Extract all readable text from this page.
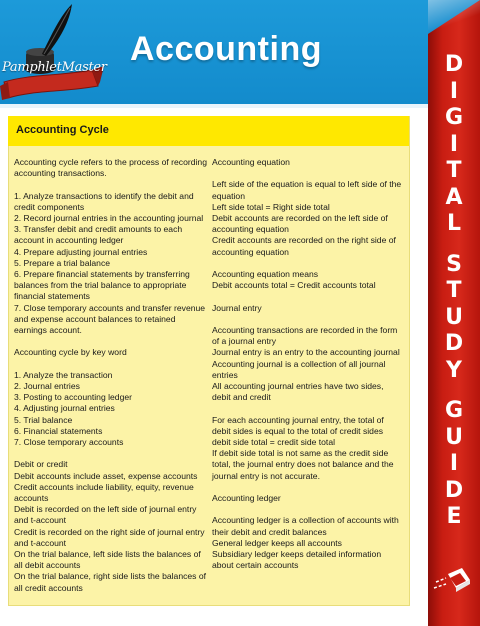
PamphletMaster Accounting	D
I
G
I
T
A
L
S
T
U
D
Y
G
U
I
D
E
Accounting Cycle

Accounting cycle refers to the process of recording accounting transactions.

1. Analyze transactions to identify the debit and credit components

2. Record journal entries in the accounting journal

3. Transfer debit and credit amounts to each account in accounting ledger

4. Prepare adjusting journal entries

5. Prepare a trial balance

6. Prepare financial statements by transferring balances from the trial balance to appropriate financial statements

7. Close temporary accounts and transfer revenue and expense account balances to retained earnings account.

Accounting cycle by key word

1. Analyze the transaction

2. Journal entries

3. Posting to accounting ledger

4. Adjusting journal entries

5. Trial balance

6. Financial statements

7. Close temporary accounts

Debit or credit

Debit accounts include asset, expense accounts

Credit accounts include liability, equity, revenue accounts

Debit is recorded on the left side of journal entry and t-account

Credit is recorded on the right side of journal entry and t-account

On the trial balance, left side lists the balances of all debit accounts

On the trial balance, right side lists the balances of all credit accounts

Accounting equation

Left side of the equation is equal to left side of the equation

Left side total = Right side total

Debit accounts are recorded on the left side of accounting equation

Credit accounts are recorded on the right side of accounting equation

Accounting equation means

Debit accounts total = Credit accounts total

Journal entry

Accounting transactions are recorded in the form of a journal entry

Journal entry is an entry to the accounting journal

Accounting journal is a collection of all journal entries

All accounting journal entries have two sides, debit and credit

For each accounting journal entry, the total of debit sides is equal to the total of credit sides

debit side total = credit side total

If debit side total is not same as the credit side total, the journal entry does not balance and the journal entry is not accurate.

Accounting ledger

Accounting ledger is a collection of accounts with their debit and credit balances

General ledger keeps all accounts

Subsidiary ledger keeps detailed information about certain accounts
